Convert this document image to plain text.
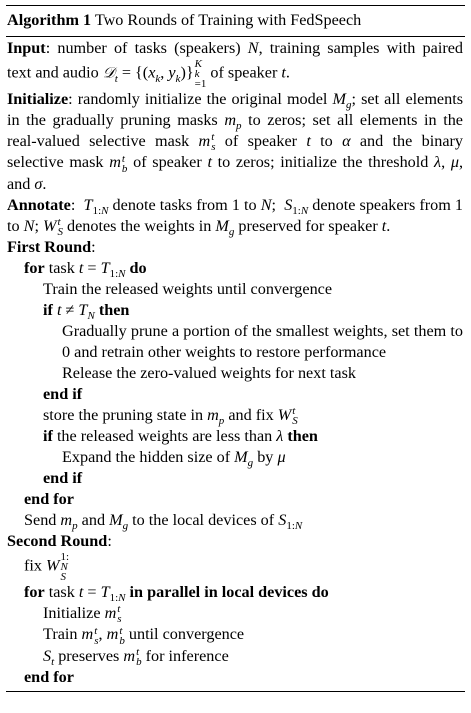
Algorithm 1 Two Rounds of Training with FedSpeech
Input: number of tasks (speakers) N, training samples with paired text and audio 𝒟$_t$ = {($x_k$, $y_k$)} K
k
=1
of speaker t.
Initialize: randomly initialize the original model $M_g$; set all elements in the gradually pruning masks $m_p$ to zeros; set all elements in the real-valued selective mask m t
s of speaker t to α and the binary selective mask m t
b of speaker t to zeros; initialize the threshold λ, μ, and σ.
Annotate:  $T_{1:N}$ denote tasks from 1 to N;  $S_{1:N}$ denote speakers from 1 to N; W t
S denotes the weights in $M_g$ preserved for speaker t.
First Round:
for task $t = T_{1:N}$ do
Train the released weights until convergence
if $t \ne T_N$ then
Gradually prune a portion of the smallest weights, set them to 0 and retrain other weights to restore performance
Release the zero-valued weights for next task
end if
store the pruning state in $m_p$ and fix W t
S
if the released weights are less than λ then
Expand the hidden size of $M_g$ by μ
end if
end for
Send $m_p$ and $M_g$ to the local devices of $S_{1:N}$
Second Round:
fix W 1:
N
S
for task $t = T_{1:N}$ in parallel in local devices do
Initialize m t
s
Train m t
s , m t
b until convergence
$S_t$ preserves m t
b for inference
end for
